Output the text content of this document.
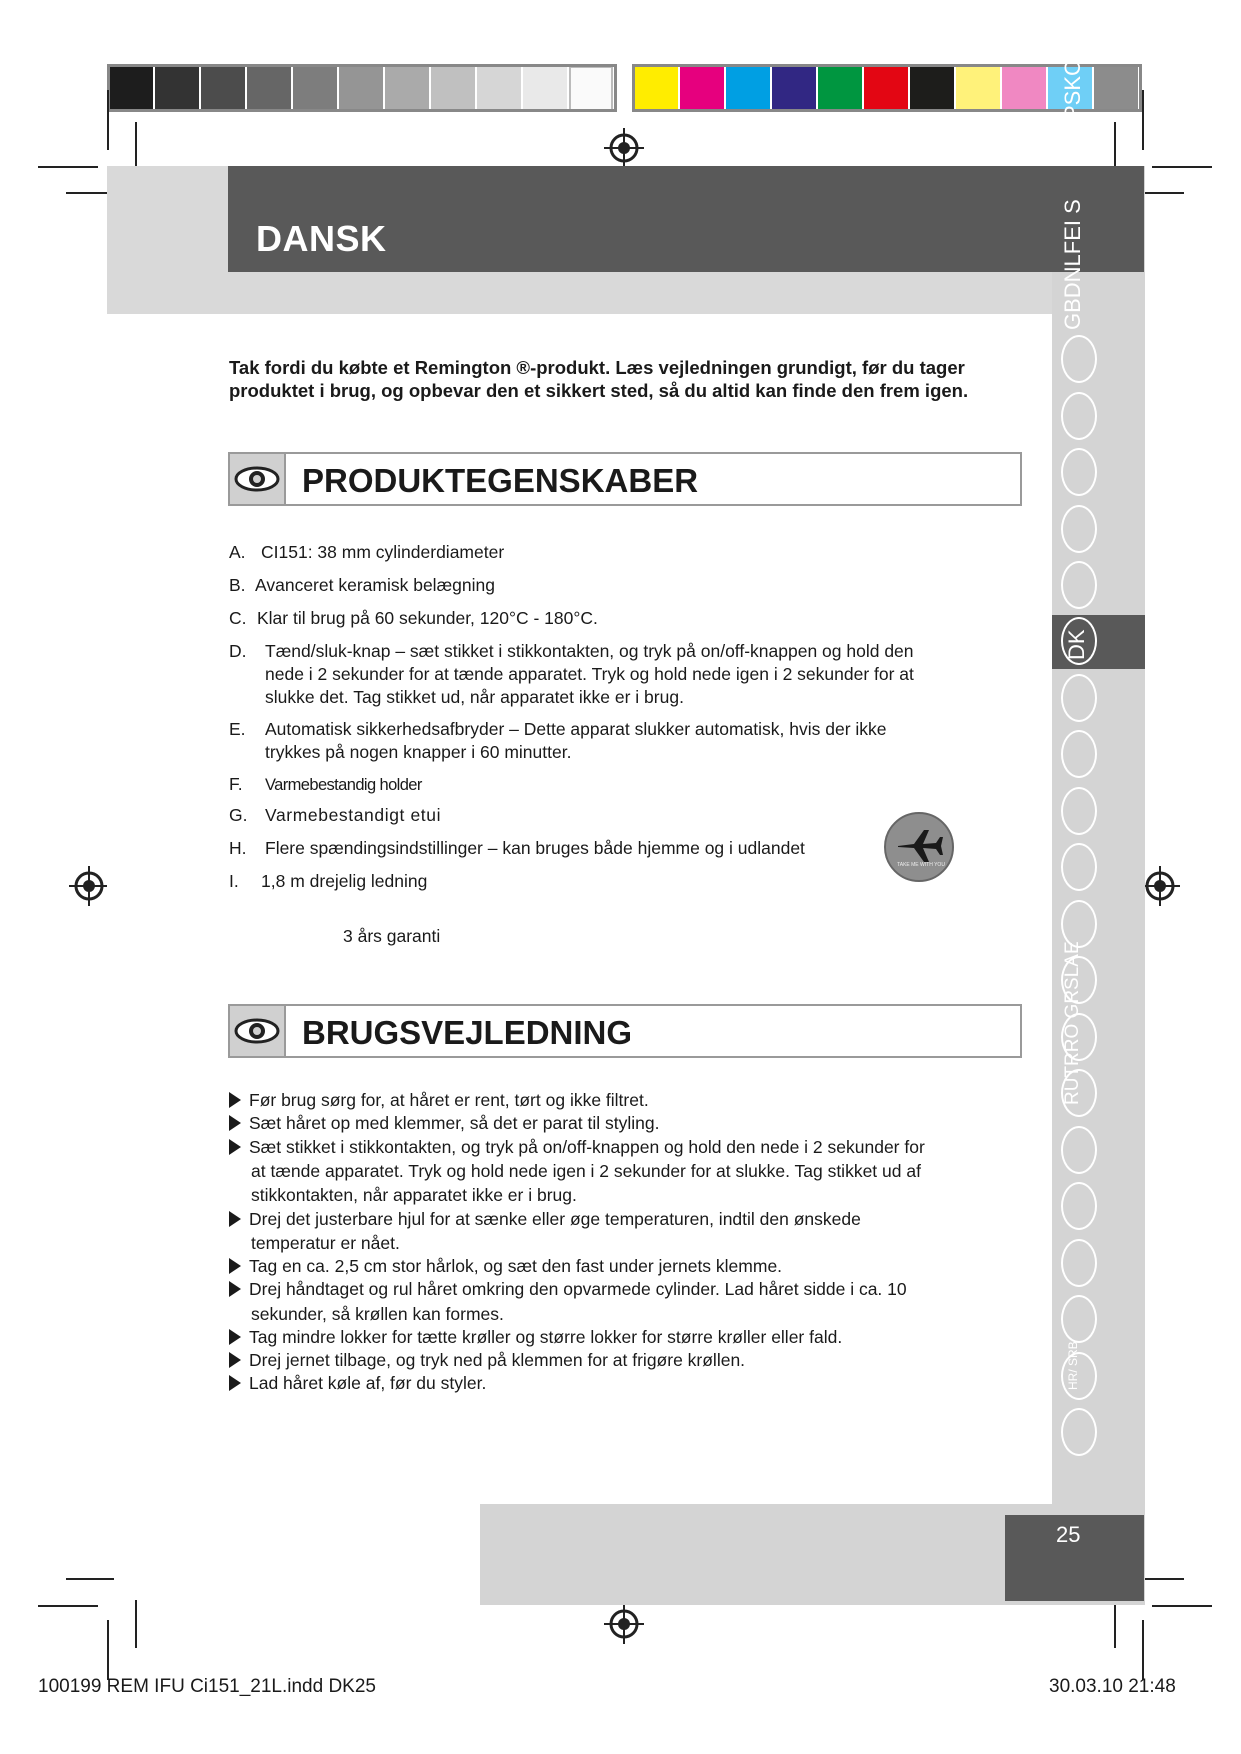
DANSK	GBDNLFEI S
PSKC
DK
RUTRRO GRSLAE
HR/ SRB
Tak fordi du købte et Remington ®-produkt. Læs vejledningen grundigt, før du tager produktet i brug, og opbevar den et sikkert sted, så du altid kan finde den frem igen.
PRODUKTEGENSKABER
A. CI151: 38 mm cylinderdiameter
B. Avanceret keramisk belægning
C. Klar til brug på 60 sekunder, 120°C - 180°C.
D. Tænd/sluk-knap – sæt stikket i stikkontakten, og tryk på on/off-knappen og hold den
nede i 2 sekunder for at tænde apparatet. Tryk og hold nede igen i 2 sekunder for at
slukke det. Tag stikket ud, når apparatet ikke er i brug.
E. Automatisk sikkerhedsafbryder – Dette apparat slukker automatisk, hvis der ikke
trykkes på nogen knapper i 60 minutter.
F. Varmebestandig holder
G. Varmebestandigt etui
H. Flere spændingsindstillinger – kan bruges både hjemme og i udlandet
I. 1,8 m drejelig ledning
TAKE ME WITH YOU
3 års garanti
BRUGSVEJLEDNING
Før brug sørg for, at håret er rent, tørt og ikke filtret.
Sæt håret op med klemmer, så det er parat til styling.
Sæt stikket i stikkontakten, og tryk på on/off-knappen og hold den nede i 2 sekunder for
at tænde apparatet. Tryk og hold nede igen i 2 sekunder for at slukke. Tag stikket ud af
stikkontakten, når apparatet ikke er i brug.
Drej det justerbare hjul for at sænke eller øge temperaturen, indtil den ønskede
temperatur er nået.
Tag en ca. 2,5 cm stor hårlok, og sæt den fast under jernets klemme.
Drej håndtaget og rul håret omkring den opvarmede cylinder. Lad håret sidde i ca. 10
sekunder, så krøllen kan formes.
Tag mindre lokker for tætte krøller og større lokker for større krøller eller fald.
Drej jernet tilbage, og tryk ned på klemmen for at frigøre krøllen.
Lad håret køle af, før du styler.
25
100199 REM IFU Ci151_21L.indd DK25	30.03.10 21:48
